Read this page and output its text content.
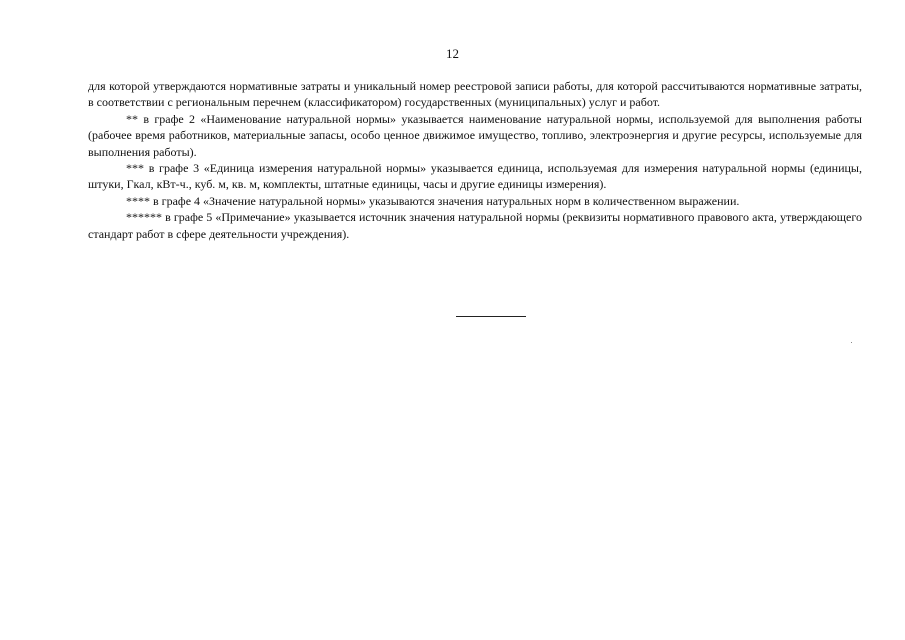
12

для которой утверждаются нормативные затраты и уникальный номер реестровой записи работы, для которой рассчитываются нормативные затраты, в соответствии с региональным перечнем (классификатором) государственных (муниципальных) услуг и работ.

** в графе 2 «Наименование натуральной нормы» указывается наименование натуральной нормы, используемой для выполнения работы (рабочее время работников, материальные запасы, особо ценное движимое имущество, топливо, электроэнергия и другие ресурсы, используемые для выполнения работы).

*** в графе 3 «Единица измерения натуральной нормы» указывается единица, используемая для измерения натуральной нормы (единицы, штуки, Гкал, кВт-ч., куб. м, кв. м, комплекты, штатные единицы, часы и другие единицы измерения).

**** в графе 4 «Значение натуральной нормы» указываются значения натуральных норм в количественном выражении.

****** в графе 5 «Примечание» указывается источник значения натуральной нормы (реквизиты нормативного правового акта, утверждающего стандарт работ в сфере деятельности учреждения).
